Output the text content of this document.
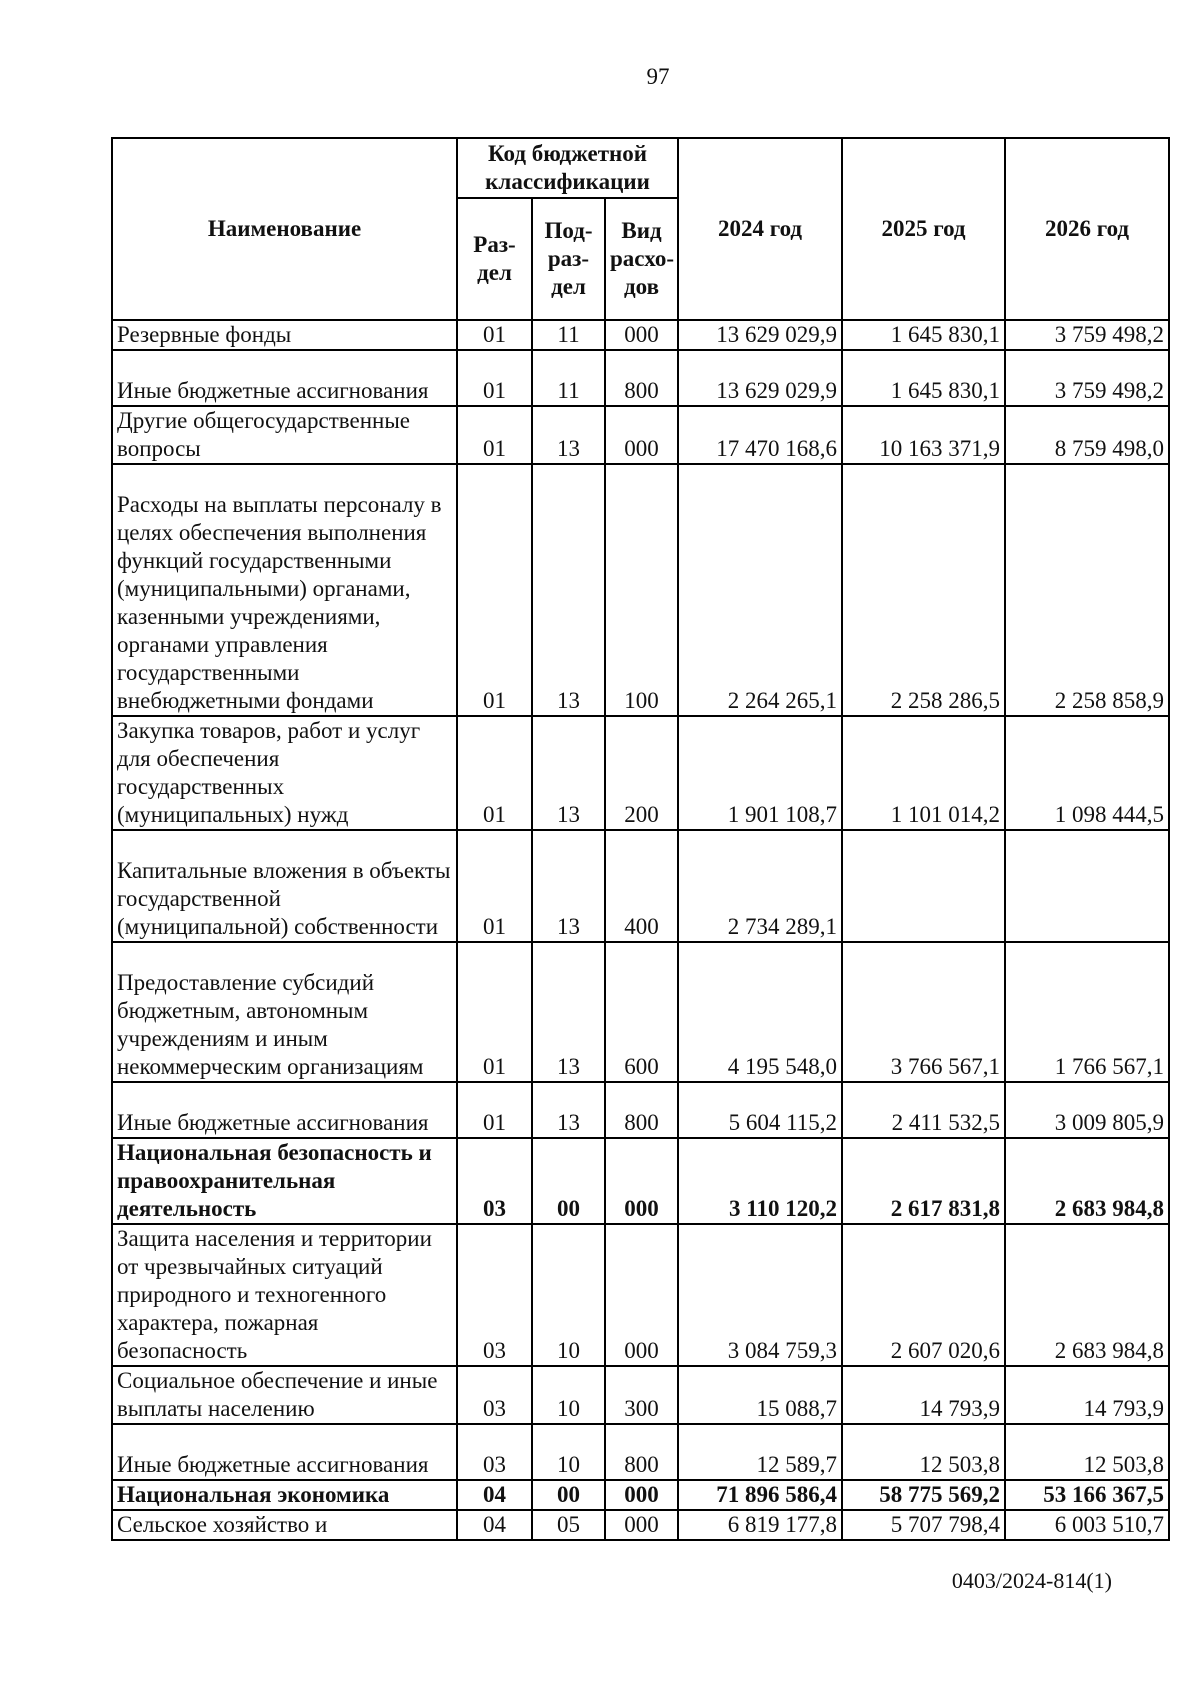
97
Наименование	Код бюджетной классификации			2024 год	2025 год	2026 год
	Раз-дел	Под-раз-дел	Вид расхо-дов			
Резервные фонды	01	11	000	13 629 029,9	1 645 830,1	3 759 498,2
Иные бюджетные ассигнования	01	11	800	13 629 029,9	1 645 830,1	3 759 498,2
Другие общегосударственные вопросы	01	13	000	17 470 168,6	10 163 371,9	8 759 498,0
Расходы на выплаты персоналу в целях обеспечения выполнения функций государственными (муниципальными) органами, казенными учреждениями, органами управления государственными внебюджетными фондами	01	13	100	2 264 265,1	2 258 286,5	2 258 858,9
Закупка товаров, работ и услуг для обеспечения государственных (муниципальных) нужд	01	13	200	1 901 108,7	1 101 014,2	1 098 444,5
Капитальные вложения в объекты государственной (муниципальной) собственности	01	13	400	2 734 289,1		
Предоставление субсидий бюджетным, автономным учреждениям и иным некоммерческим организациям	01	13	600	4 195 548,0	3 766 567,1	1 766 567,1
Иные бюджетные ассигнования	01	13	800	5 604 115,2	2 411 532,5	3 009 805,9
Национальная безопасность и правоохранительная деятельность	03	00	000	3 110 120,2	2 617 831,8	2 683 984,8
Защита населения и территории от чрезвычайных ситуаций природного и техногенного характера, пожарная безопасность	03	10	000	3 084 759,3	2 607 020,6	2 683 984,8
Социальное обеспечение и иные выплаты населению	03	10	300	15 088,7	14 793,9	14 793,9
Иные бюджетные ассигнования	03	10	800	12 589,7	12 503,8	12 503,8
Национальная экономика	04	00	000	71 896 586,4	58 775 569,2	53 166 367,5
Сельское хозяйство и	04	05	000	6 819 177,8	5 707 798,4	6 003 510,7
0403/2024-814(1)
